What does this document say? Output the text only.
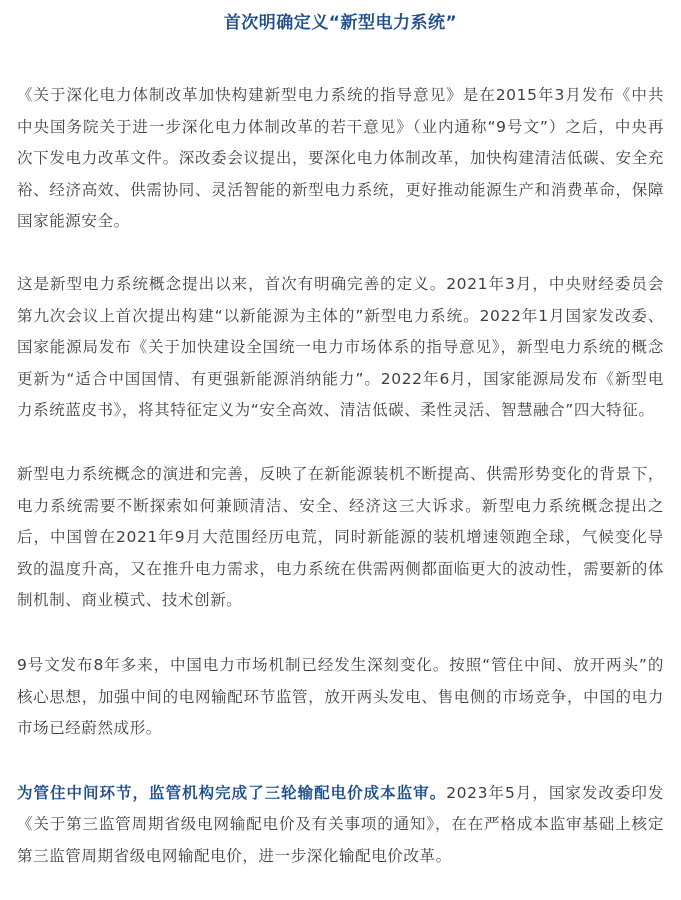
首次明确定义“新型电力系统”

《关于深化电力体制改革加快构建新型电力系统的指导意见》是在2015年3月发布《中共中央国务院关于进一步深化电力体制改革的若干意见》（业内通称“9号文”）之后，中央再次下发电力改革文件。深改委会议提出，要深化电力体制改革，加快构建清洁低碳、安全充裕、经济高效、供需协同、灵活智能的新型电力系统，更好推动能源生产和消费革命，保障国家能源安全。

这是新型电力系统概念提出以来，首次有明确完善的定义。2021年3月，中央财经委员会第九次会议上首次提出构建“以新能源为主体的”新型电力系统。2022年1月国家发改委、国家能源局发布《关于加快建设全国统一电力市场体系的指导意见》，新型电力系统的概念更新为“适合中国国情、有更强新能源消纳能力”。2022年6月，国家能源局发布《新型电力系统蓝皮书》，将其特征定义为“安全高效、清洁低碳、柔性灵活、智慧融合”四大特征。

新型电力系统概念的演进和完善，反映了在新能源装机不断提高、供需形势变化的背景下，电力系统需要不断探索如何兼顾清洁、安全、经济这三大诉求。新型电力系统概念提出之后，中国曾在2021年9月大范围经历电荒，同时新能源的装机增速领跑全球，气候变化导致的温度升高，又在推升电力需求，电力系统在供需两侧都面临更大的波动性，需要新的体制机制、商业模式、技术创新。

9号文发布8年多来，中国电力市场机制已经发生深刻变化。按照“管住中间、放开两头”的核心思想，加强中间的电网输配环节监管，放开两头发电、售电侧的市场竞争，中国的电力市场已经蔚然成形。

为管住中间环节，监管机构完成了三轮输配电价成本监审。2023年5月，国家发改委印发《关于第三监管周期省级电网输配电价及有关事项的通知》，在在严格成本监审基础上核定第三监管周期省级电网输配电价，进一步深化输配电价改革。
